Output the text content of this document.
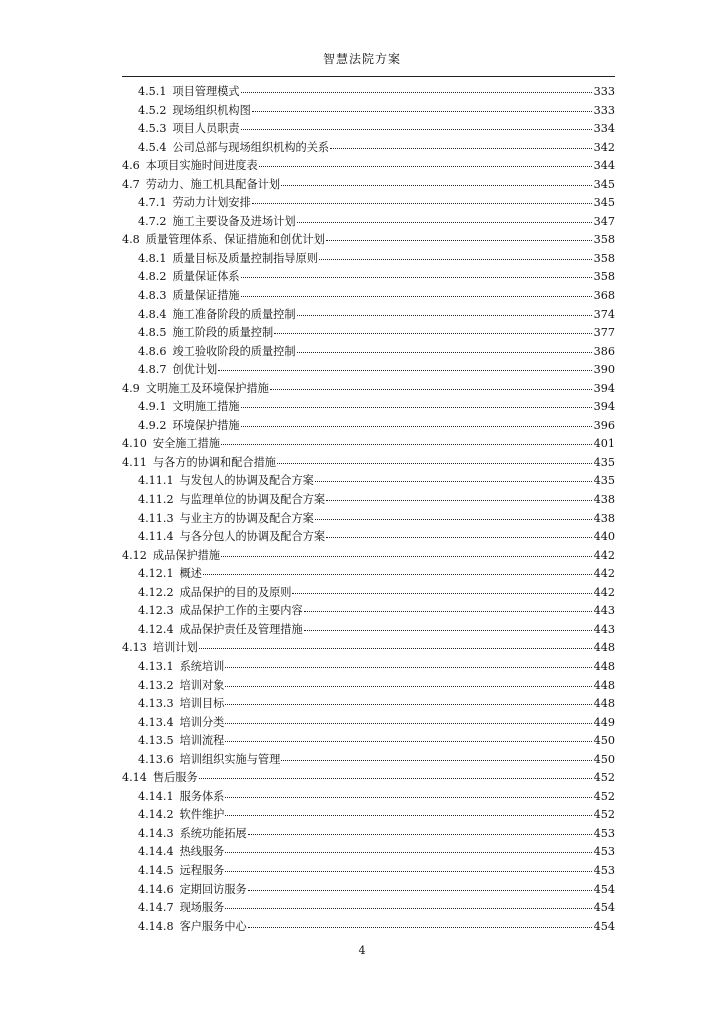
智慧法院方案
4.5.1 项目管理模式	333
4.5.2 现场组织机构图	333
4.5.3 项目人员职责	334
4.5.4 公司总部与现场组织机构的关系	342
4.6 本项目实施时间进度表	344
4.7 劳动力、施工机具配备计划	345
4.7.1 劳动力计划安排	345
4.7.2 施工主要设备及进场计划	347
4.8 质量管理体系、保证措施和创优计划	358
4.8.1 质量目标及质量控制指导原则	358
4.8.2 质量保证体系	358
4.8.3 质量保证措施	368
4.8.4 施工准备阶段的质量控制	374
4.8.5 施工阶段的质量控制	377
4.8.6 竣工验收阶段的质量控制	386
4.8.7 创优计划	390
4.9 文明施工及环境保护措施	394
4.9.1 文明施工措施	394
4.9.2 环境保护措施	396
4.10 安全施工措施	401
4.11 与各方的协调和配合措施	435
4.11.1 与发包人的协调及配合方案	435
4.11.2 与监理单位的协调及配合方案	438
4.11.3 与业主方的协调及配合方案	438
4.11.4 与各分包人的协调及配合方案	440
4.12 成品保护措施	442
4.12.1 概述	442
4.12.2 成品保护的目的及原则	442
4.12.3 成品保护工作的主要内容	443
4.12.4 成品保护责任及管理措施	443
4.13 培训计划	448
4.13.1 系统培训	448
4.13.2 培训对象	448
4.13.3 培训目标	448
4.13.4 培训分类	449
4.13.5 培训流程	450
4.13.6 培训组织实施与管理	450
4.14 售后服务	452
4.14.1 服务体系	452
4.14.2 软件维护	452
4.14.3 系统功能拓展	453
4.14.4 热线服务	453
4.14.5 远程服务	453
4.14.6 定期回访服务	454
4.14.7 现场服务	454
4.14.8 客户服务中心	454
4
